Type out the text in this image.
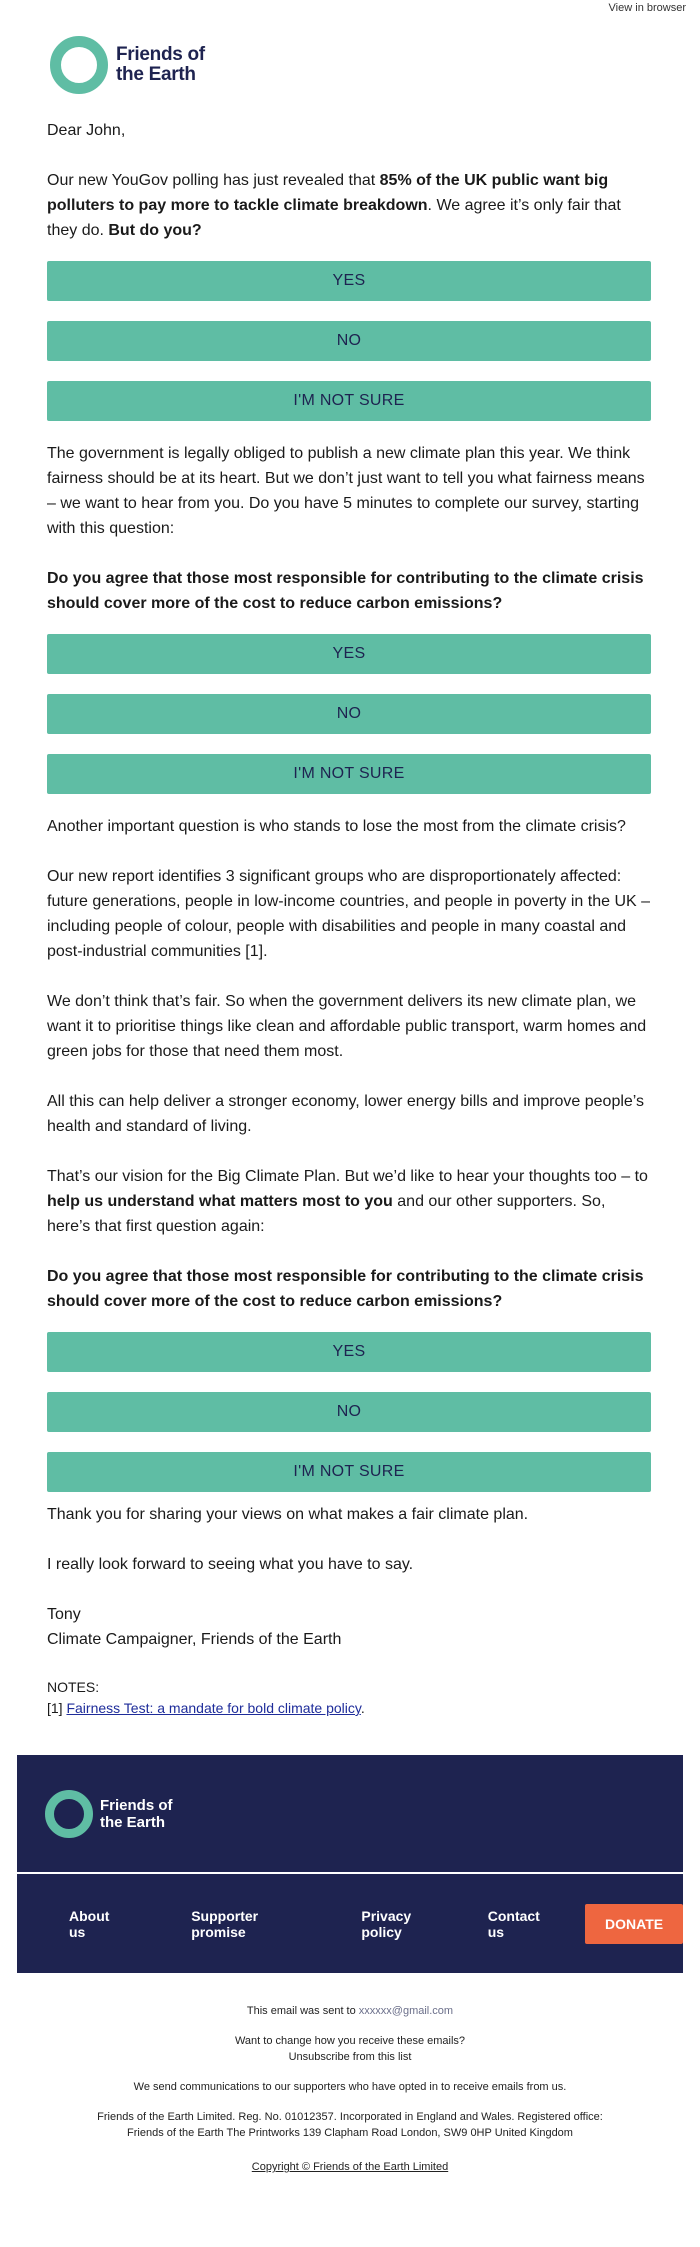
View in browser
Friends of
the Earth

Dear John,

Our new YouGov polling has just revealed that 85% of the UK public want big polluters to pay more to tackle climate breakdown. We agree it’s only fair that they do. But do you?

YES
NO
I'M NOT SURE

The government is legally obliged to publish a new climate plan this year. We think fairness should be at its heart. But we don’t just want to tell you what fairness means – we want to hear from you. Do you have 5 minutes to complete our survey, starting with this question:

Do you agree that those most responsible for contributing to the climate crisis should cover more of the cost to reduce carbon emissions?

YES
NO
I'M NOT SURE

Another important question is who stands to lose the most from the climate crisis?

Our new report identifies 3 significant groups who are disproportionately affected: future generations, people in low-income countries, and people in poverty in the UK – including people of colour, people with disabilities and people in many coastal and post-industrial communities [1].

We don’t think that’s fair. So when the government delivers its new climate plan, we want it to prioritise things like clean and affordable public transport, warm homes and green jobs for those that need them most.

All this can help deliver a stronger economy, lower energy bills and improve people’s health and standard of living.

That’s our vision for the Big Climate Plan. But we’d like to hear your thoughts too – to help us understand what matters most to you and our other supporters. So, here’s that first question again:

Do you agree that those most responsible for contributing to the climate crisis should cover more of the cost to reduce carbon emissions?

YES
NO
I'M NOT SURE

Thank you for sharing your views on what makes a fair climate plan.

I really look forward to seeing what you have to say.

Tony
Climate Campaigner, Friends of the Earth
NOTES:
[1] Fairness Test: a mandate for bold climate policy.
Friends of
the Earth
About us
Supporter promise
Privacy policy
Contact us	DONATE
This email was sent to xxxxxx@gmail.com
Want to change how you receive these emails?
Unsubscribe from this list
We send communications to our supporters who have opted in to receive emails from us.
Friends of the Earth Limited. Reg. No. 01012357. Incorporated in England and Wales. Registered office:
Friends of the Earth The Printworks 139 Clapham Road London, SW9 0HP United Kingdom
Copyright © Friends of the Earth Limited
